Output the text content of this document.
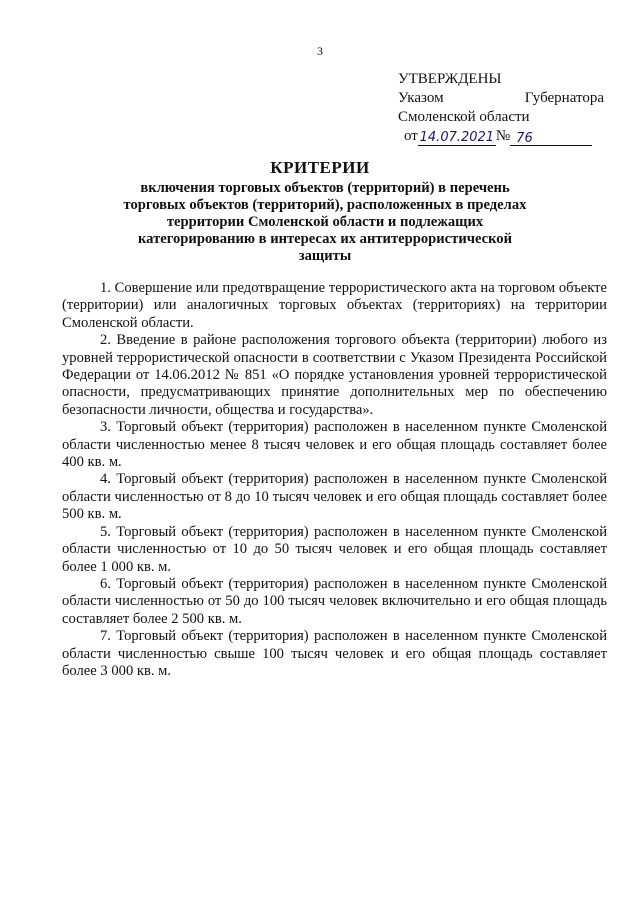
3
УТВЕРЖДЕНЫ
Указом	Губернатора
Смоленской области
от 14.07.2021 № 76
КРИТЕРИИ
включения торговых объектов (территорий) в перечень торговых объектов (территорий), расположенных в пределах территории Смоленской области и подлежащих категорированию в интересах их антитеррористической защиты

1. Совершение или предотвращение террористического акта на торговом объекте (территории) или аналогичных торговых объектах (территориях) на территории Смоленской области.

2. Введение в районе расположения торгового объекта (территории) любого из уровней террористической опасности в соответствии с Указом Президента Российской Федерации от 14.06.2012 № 851 «О порядке установления уровней террористической опасности, предусматривающих принятие дополнительных мер по обеспечению безопасности личности, общества и государства».

3. Торговый объект (территория) расположен в населенном пункте Смоленской области численностью менее 8 тысяч человек и его общая площадь составляет более 400 кв. м.

4. Торговый объект (территория) расположен в населенном пункте Смоленской области численностью от 8 до 10 тысяч человек и его общая площадь составляет более 500 кв. м.

5. Торговый объект (территория) расположен в населенном пункте Смоленской области численностью от 10 до 50 тысяч человек и его общая площадь составляет более 1 000 кв. м.

6. Торговый объект (территория) расположен в населенном пункте Смоленской области численностью от 50 до 100 тысяч человек включительно и его общая площадь составляет более 2 500 кв. м.

7. Торговый объект (территория) расположен в населенном пункте Смоленской области численностью свыше 100 тысяч человек и его общая площадь составляет более 3 000 кв. м.
